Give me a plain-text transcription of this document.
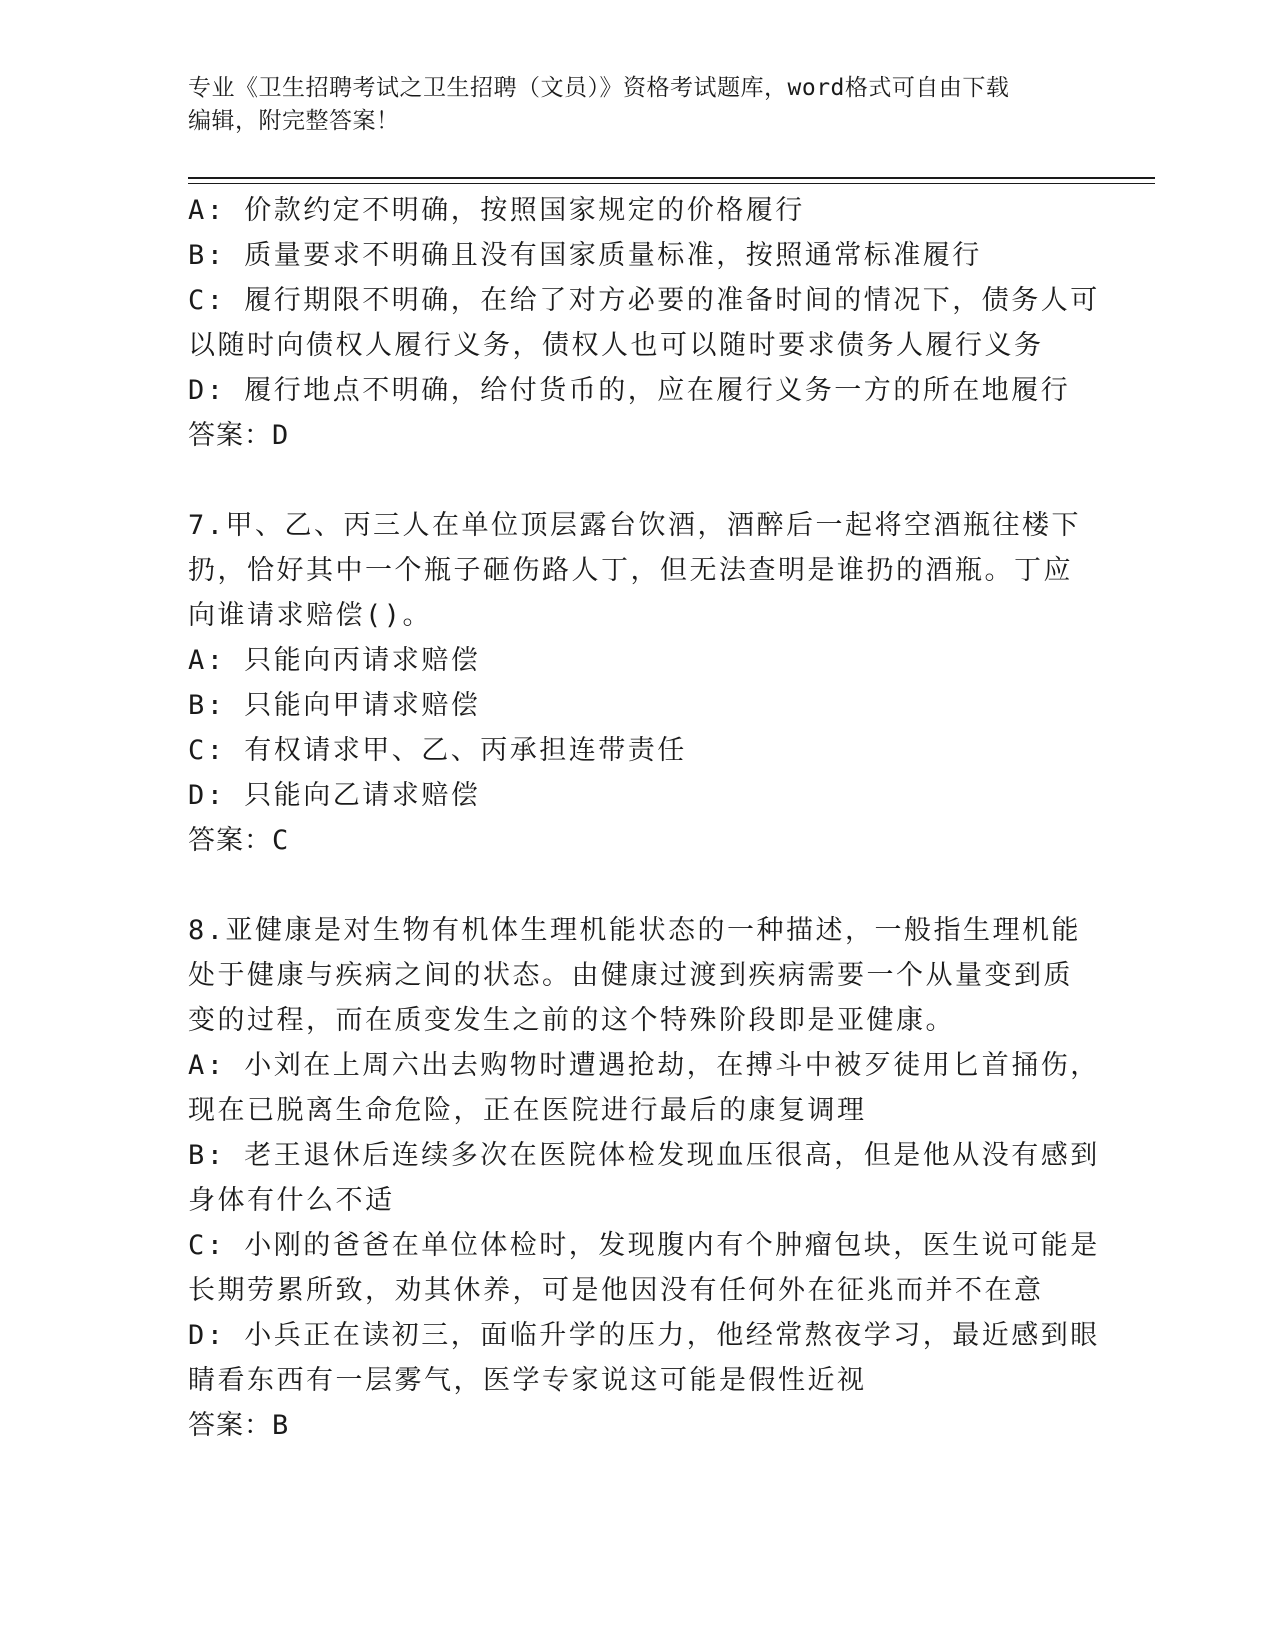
专业《卫生招聘考试之卫生招聘（文员）》资格考试题库，word格式可自由下载
编辑，附完整答案！
A: 价款约定不明确，按照国家规定的价格履行
B: 质量要求不明确且没有国家质量标准，按照通常标准履行
C: 履行期限不明确，在给了对方必要的准备时间的情况下，债务人可
以随时向债权人履行义务，债权人也可以随时要求债务人履行义务
D: 履行地点不明确，给付货币的，应在履行义务一方的所在地履行
答案：D
7.甲、乙、丙三人在单位顶层露台饮酒，酒醉后一起将空酒瓶往楼下
扔，恰好其中一个瓶子砸伤路人丁，但无法查明是谁扔的酒瓶。丁应
向谁请求赔偿()。
A: 只能向丙请求赔偿
B: 只能向甲请求赔偿
C: 有权请求甲、乙、丙承担连带责任
D: 只能向乙请求赔偿
答案：C
8.亚健康是对生物有机体生理机能状态的一种描述，一般指生理机能
处于健康与疾病之间的状态。由健康过渡到疾病需要一个从量变到质
变的过程，而在质变发生之前的这个特殊阶段即是亚健康。
A: 小刘在上周六出去购物时遭遇抢劫，在搏斗中被歹徒用匕首捅伤，
现在已脱离生命危险，正在医院进行最后的康复调理
B: 老王退休后连续多次在医院体检发现血压很高，但是他从没有感到
身体有什么不适
C: 小刚的爸爸在单位体检时，发现腹内有个肿瘤包块，医生说可能是
长期劳累所致，劝其休养，可是他因没有任何外在征兆而并不在意
D: 小兵正在读初三，面临升学的压力，他经常熬夜学习，最近感到眼
睛看东西有一层雾气，医学专家说这可能是假性近视
答案：B
